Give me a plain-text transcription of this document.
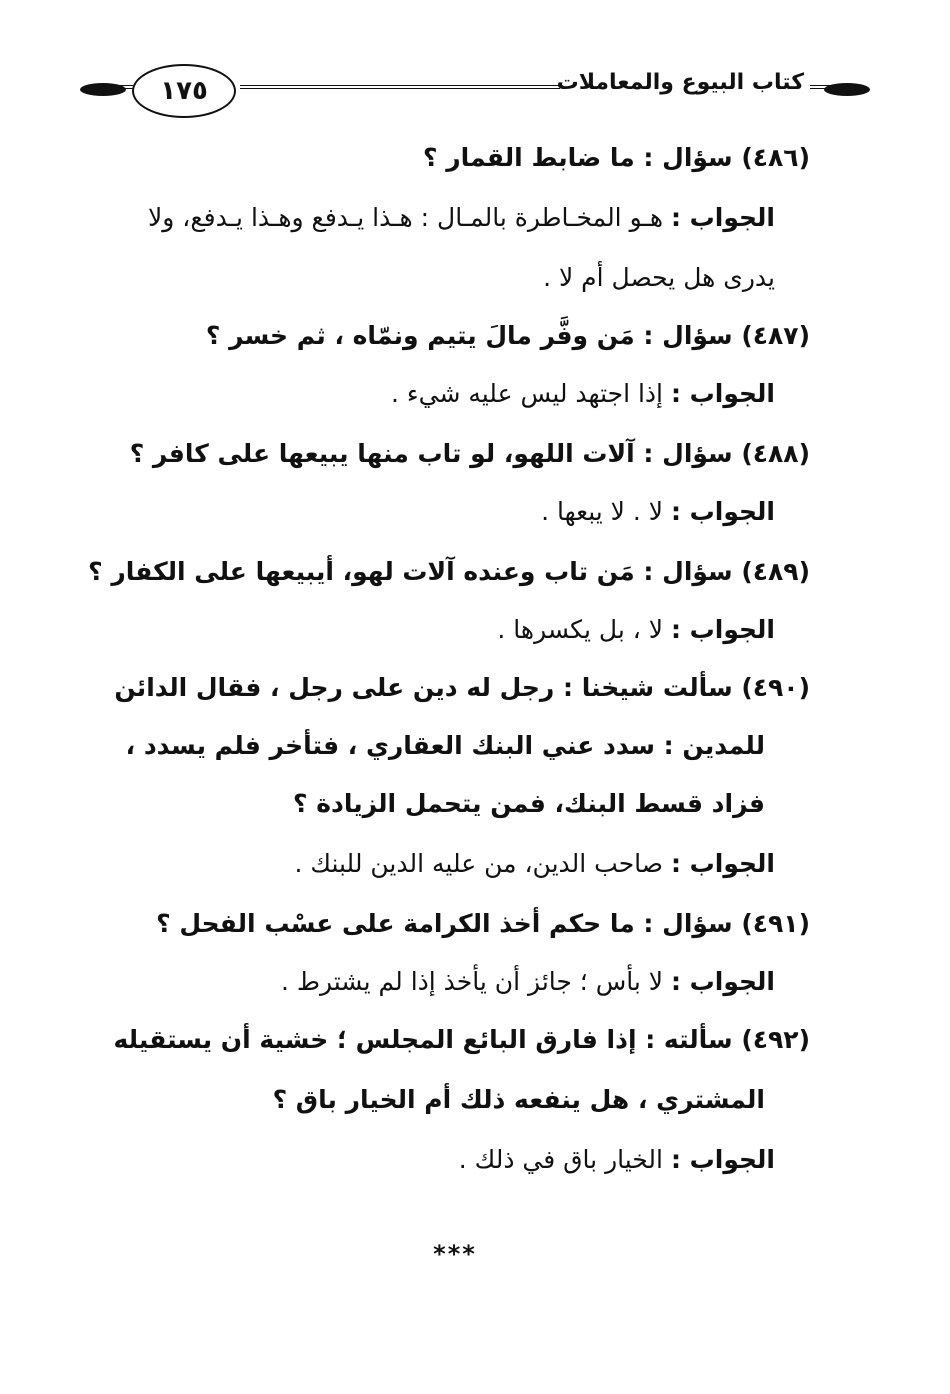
١٧٥	كتاب البيوع والمعاملات
(٤٨٦) سؤال : ما ضابط القمار ؟
الجواب : هـو المخـاطرة بالمـال : هـذا يـدفع وهـذا يـدفع، ولا
يدرى هل يحصل أم لا .
(٤٨٧) سؤال : مَن وفَّر مالَ يتيم ونمّاه ، ثم خسر ؟
الجواب : إذا اجتهد ليس عليه شيء .
(٤٨٨) سؤال : آلات اللهو، لو تاب منها يبيعها على كافر ؟
الجواب : لا . لا يبعها .
(٤٨٩) سؤال : مَن تاب وعنده آلات لهو، أيبيعها على الكفار ؟
الجواب : لا ، بل يكسرها .
(٤٩٠) سألت شيخنا : رجل له دين على رجل ، فقال الدائن
للمدين : سدد عني البنك العقاري ، فتأخر فلم يسدد ،
فزاد قسط البنك، فمن يتحمل الزيادة ؟
الجواب : صاحب الدين، من عليه الدين للبنك .
(٤٩١) سؤال : ما حكم أخذ الكرامة على عسْب الفحل ؟
الجواب : لا بأس ؛ جائز أن يأخذ إذا لم يشترط .
(٤٩٢) سألته : إذا فارق البائع المجلس ؛ خشية أن يستقيله
المشتري ، هل ينفعه ذلك أم الخيار باق ؟
الجواب : الخيار باق في ذلك .
***
